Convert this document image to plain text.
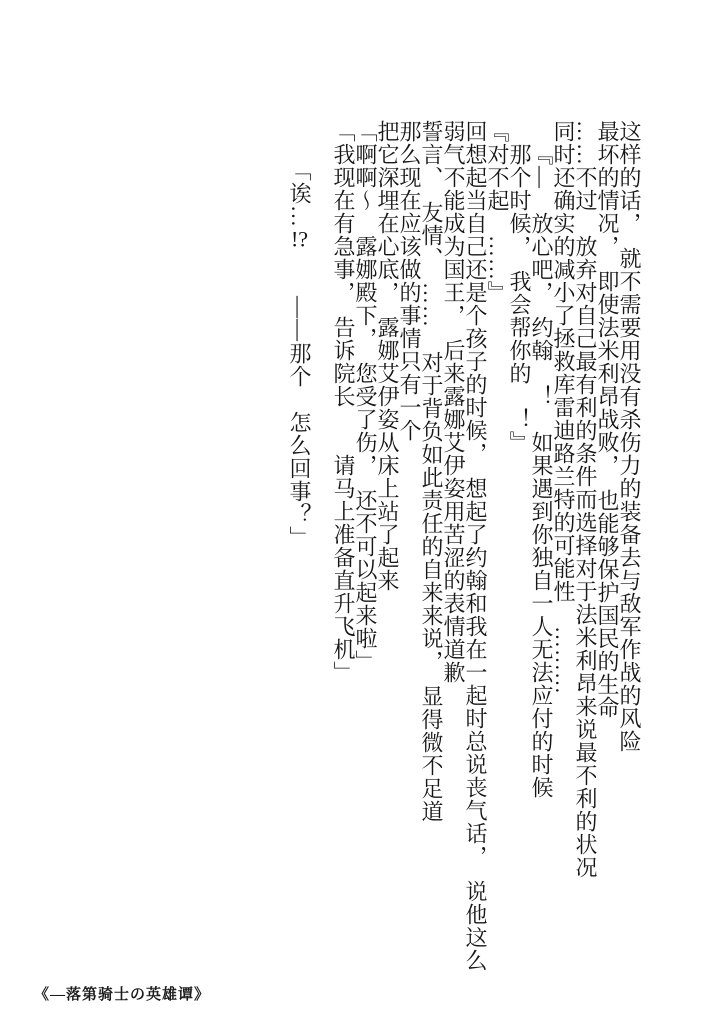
这样的话，　就不需要用没有杀伤力的装备去与敌军作战的风险

最坏的情况，　即使法米利昂战败，　也能够保护国民的生命

……不过　放弃对自己最有利的条件而选择对于法米利昂来说最不利的状况

同时还确实的减小了拯救库雷迪路兰特的可能性　………

『―　放心吧，　约翰　！　如果遇到你独自一人无法应付的时候

那个时候，　我会帮你的　！』

『对不起　……』

回想起当自己还是个孩子的时候，　想起了约翰和我在一起时总说丧气话，　说他这么

弱气不能成为国王，　后来露娜艾伊姿用苦涩的表情道歉

誓言、　友情、　……　对于背负如此责任的自来来说，　显得微不足道

那么现在应该做的事情只有一个

把它深埋在心底，　露娜艾伊姿从床上站了起来

「啊啊～　露娜殿下，　您受了伤，　还不可以起来啦」

「我现在有急事，　告诉院长　　请马上准备直升飞机」

「诶…!?　　――那个　怎么回事？」

《—落第骑士の英雄谭》
